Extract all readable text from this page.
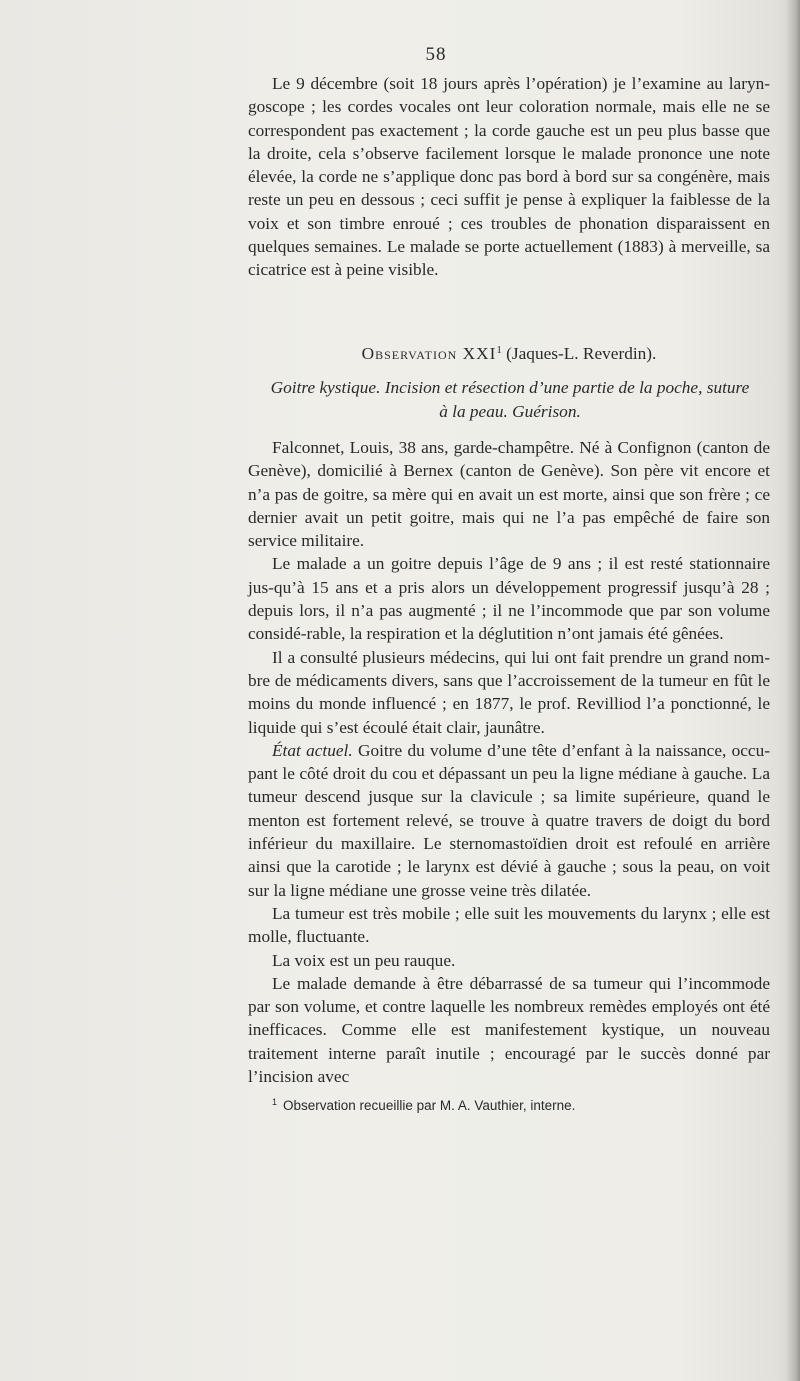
58
Le 9 décembre (soit 18 jours après l’opération) je l’examine au laryn-goscope ; les cordes vocales ont leur coloration normale, mais elle ne se correspondent pas exactement ; la corde gauche est un peu plus basse que la droite, cela s’observe facilement lorsque le malade prononce une note élevée, la corde ne s’applique donc pas bord à bord sur sa congénère, mais reste un peu en dessous ; ceci suffit je pense à expliquer la faiblesse de la voix et son timbre enroué ; ces troubles de phonation disparaissent en quelques semaines. Le malade se porte actuellement (1883) à merveille, sa cicatrice est à peine visible.
Observation XXI$^1$ (Jaques-L. Reverdin).
Goitre kystique. Incision et résection d’une partie de la poche, suture à la peau. Guérison.

Falconnet, Louis, 38 ans, garde-champêtre. Né à Confignon (canton de Genève), domicilié à Bernex (canton de Genève). Son père vit encore et n’a pas de goitre, sa mère qui en avait un est morte, ainsi que son frère ; ce dernier avait un petit goitre, mais qui ne l’a pas empêché de faire son service militaire.

Le malade a un goitre depuis l’âge de 9 ans ; il est resté stationnaire jus-qu’à 15 ans et a pris alors un développement progressif jusqu’à 28 ; depuis lors, il n’a pas augmenté ; il ne l’incommode que par son volume considé-rable, la respiration et la déglutition n’ont jamais été gênées.

Il a consulté plusieurs médecins, qui lui ont fait prendre un grand nom-bre de médicaments divers, sans que l’accroissement de la tumeur en fût le moins du monde influencé ; en 1877, le prof. Revilliod l’a ponctionné, le liquide qui s’est écoulé était clair, jaunâtre.

État actuel. Goitre du volume d’une tête d’enfant à la naissance, occu-pant le côté droit du cou et dépassant un peu la ligne médiane à gauche. La tumeur descend jusque sur la clavicule ; sa limite supérieure, quand le menton est fortement relevé, se trouve à quatre travers de doigt du bord inférieur du maxillaire. Le sternomastoïdien droit est refoulé en arrière ainsi que la carotide ; le larynx est dévié à gauche ; sous la peau, on voit sur la ligne médiane une grosse veine très dilatée.

La tumeur est très mobile ; elle suit les mouvements du larynx ; elle est molle, fluctuante.

La voix est un peu rauque.

Le malade demande à être débarrassé de sa tumeur qui l’incommode par son volume, et contre laquelle les nombreux remèdes employés ont été inefficaces. Comme elle est manifestement kystique, un nouveau traitement interne paraît inutile ; encouragé par le succès donné par l’incision avec

$^1$ Observation recueillie par M. A. Vauthier, interne.
